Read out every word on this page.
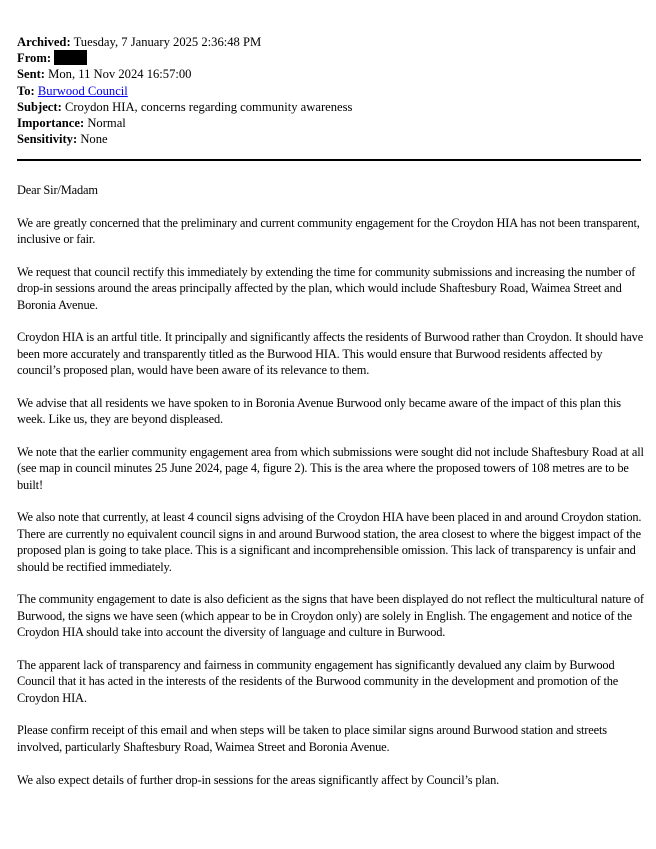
Archived: Tuesday, 7 January 2025 2:36:48 PM
From:
Sent: Mon, 11 Nov 2024 16:57:00
To: Burwood Council
Subject: Croydon HIA, concerns regarding community awareness
Importance: Normal
Sensitivity: None

Dear Sir/Madam

We are greatly concerned that the preliminary and current community engagement for the Croydon HIA has not been transparent, inclusive or fair.

We request that council rectify this immediately by extending the time for community submissions and increasing the number of drop-in sessions around the areas principally affected by the plan, which would include Shaftesbury Road, Waimea Street and Boronia Avenue.

Croydon HIA is an artful title. It principally and significantly affects the residents of Burwood rather than Croydon. It should have been more accurately and transparently titled as the Burwood HIA. This would ensure that Burwood residents affected by council’s proposed plan, would have been aware of its relevance to them.

We advise that all residents we have spoken to in Boronia Avenue Burwood only became aware of the impact of this plan this week. Like us, they are beyond displeased.

We note that the earlier community engagement area from which submissions were sought did not include Shaftesbury Road at all (see map in council minutes 25 June 2024, page 4, figure 2). This is the area where the proposed towers of 108 metres are to be built!

We also note that currently, at least 4 council signs advising of the Croydon HIA have been placed in and around Croydon station. There are currently no equivalent council signs in and around Burwood station, the area closest to where the biggest impact of the proposed plan is going to take place. This is a significant and incomprehensible omission. This lack of transparency is unfair and should be rectified immediately.

The community engagement to date is also deficient as the signs that have been displayed do not reflect the multicultural nature of Burwood, the signs we have seen (which appear to be in Croydon only) are solely in English. The engagement and notice of the Croydon HIA should take into account the diversity of language and culture in Burwood.

The apparent lack of transparency and fairness in community engagement has significantly devalued any claim by Burwood Council that it has acted in the interests of the residents of the Burwood community in the development and promotion of the Croydon HIA.

Please confirm receipt of this email and when steps will be taken to place similar signs around Burwood station and streets involved, particularly Shaftesbury Road, Waimea Street and Boronia Avenue.

We also expect details of further drop-in sessions for the areas significantly affect by Council’s plan.
